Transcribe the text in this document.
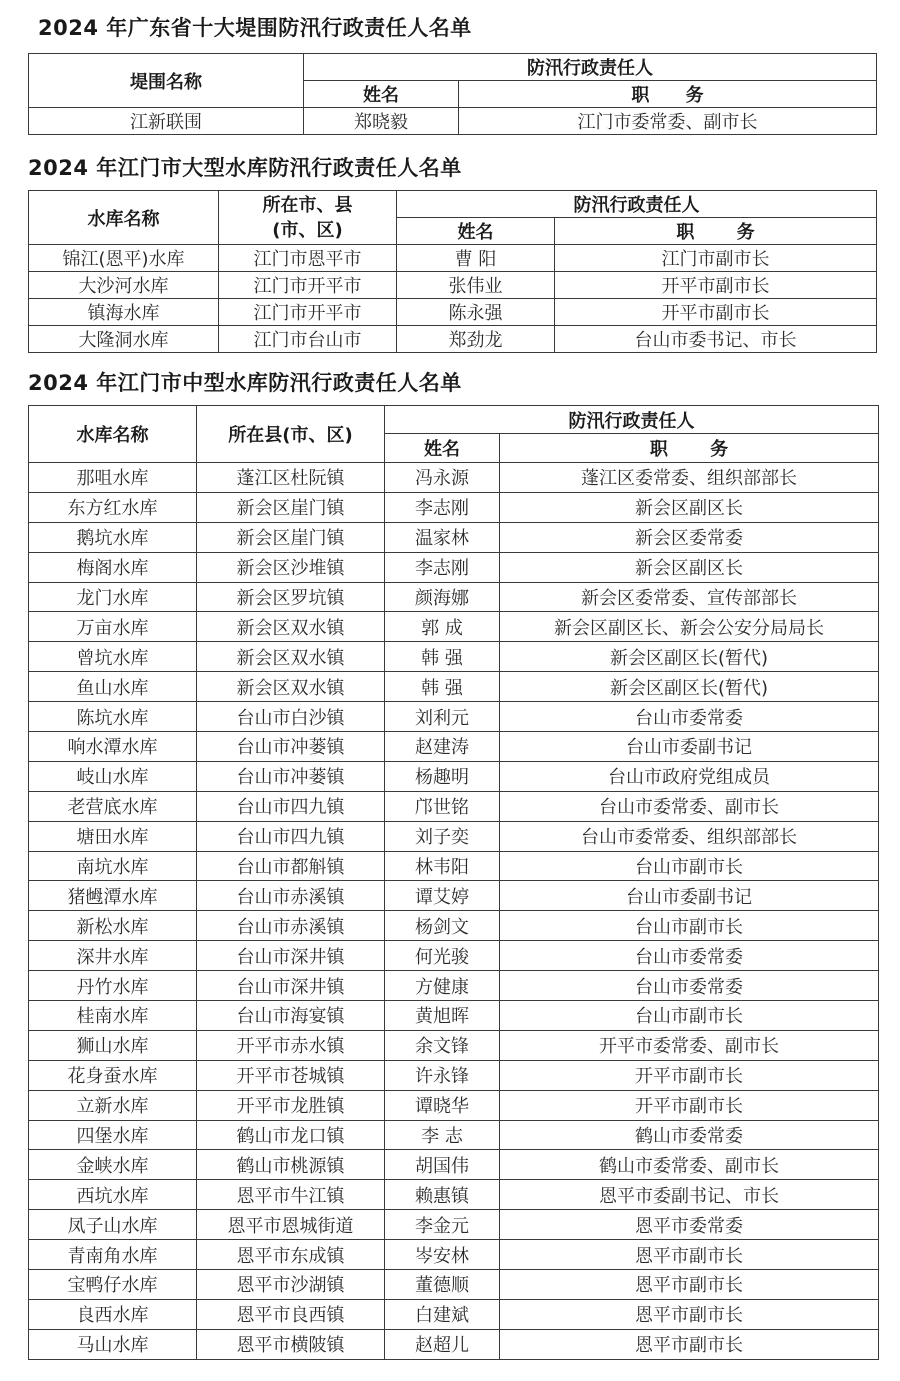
2024 年广东省十大堤围防汛行政责任人名单
堤围名称	防汛行政责任人	
	姓名	职 务
江新联围	郑晓毅	江门市委常委、副市长
2024 年江门市大型水库防汛行政责任人名单
水库名称	所在市、县(市、区)	防汛行政责任人	
		姓名	职 务
锦江(恩平)水库	江门市恩平市	曹 阳	江门市副市长
大沙河水库	江门市开平市	张伟业	开平市副市长
镇海水库	江门市开平市	陈永强	开平市副市长
大隆洞水库	江门市台山市	郑劲龙	台山市委书记、市长
2024 年江门市中型水库防汛行政责任人名单
水库名称	所在县(市、区)	防汛行政责任人	
		姓名	职 务
那咀水库	蓬江区杜阮镇	冯永源	蓬江区委常委、组织部部长
东方红水库	新会区崖门镇	李志刚	新会区副区长
鹅坑水库	新会区崖门镇	温家林	新会区委常委
梅阁水库	新会区沙堆镇	李志刚	新会区副区长
龙门水库	新会区罗坑镇	颜海娜	新会区委常委、宣传部部长
万亩水库	新会区双水镇	郭 成	新会区副区长、新会公安分局局长
曾坑水库	新会区双水镇	韩 强	新会区副区长(暂代)
鱼山水库	新会区双水镇	韩 强	新会区副区长(暂代)
陈坑水库	台山市白沙镇	刘利元	台山市委常委
响水潭水库	台山市冲蒌镇	赵建涛	台山市委副书记
岐山水库	台山市冲蒌镇	杨趣明	台山市政府党组成员
老营底水库	台山市四九镇	邝世铭	台山市委常委、副市长
塘田水库	台山市四九镇	刘子奕	台山市委常委、组织部部长
南坑水库	台山市都斛镇	林韦阳	台山市副市长
猪乸潭水库	台山市赤溪镇	谭艾婷	台山市委副书记
新松水库	台山市赤溪镇	杨剑文	台山市副市长
深井水库	台山市深井镇	何光骏	台山市委常委
丹竹水库	台山市深井镇	方健康	台山市委常委
桂南水库	台山市海宴镇	黄旭晖	台山市副市长
狮山水库	开平市赤水镇	余文锋	开平市委常委、副市长
花身蚕水库	开平市苍城镇	许永锋	开平市副市长
立新水库	开平市龙胜镇	谭晓华	开平市副市长
四堡水库	鹤山市龙口镇	李 志	鹤山市委常委
金峡水库	鹤山市桃源镇	胡国伟	鹤山市委常委、副市长
西坑水库	恩平市牛江镇	赖惠镇	恩平市委副书记、市长
凤子山水库	恩平市恩城街道	李金元	恩平市委常委
青南角水库	恩平市东成镇	岑安林	恩平市副市长
宝鸭仔水库	恩平市沙湖镇	董德顺	恩平市副市长
良西水库	恩平市良西镇	白建斌	恩平市副市长
马山水库	恩平市横陂镇	赵超儿	恩平市副市长
